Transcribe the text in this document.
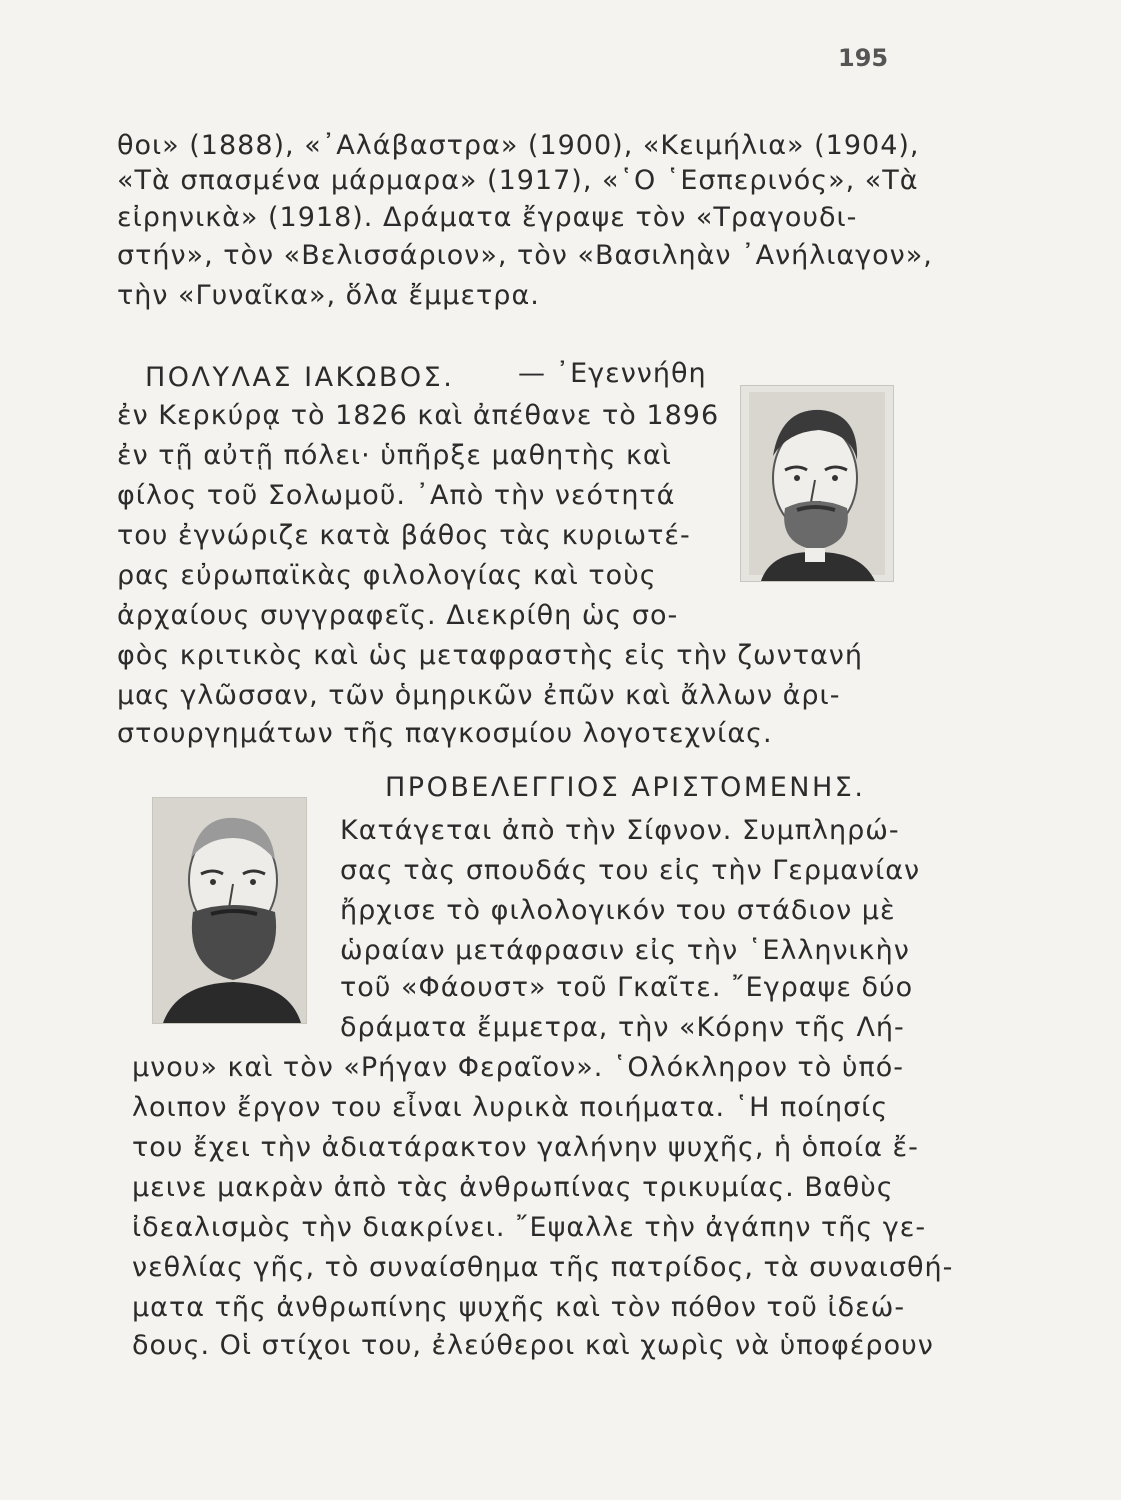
195
θοι» (1888), «᾿Αλάβαστρα» (1900), «Κειμήλια» (1904),
«Τὰ σπασμένα μάρμαρα» (1917), «῾Ο ῾Εσπερινός», «Τὰ
εἰρηνικὰ» (1918). Δράματα ἔγραψε τὸν «Τραγουδι-
στήν», τὸν «Βελισσάριον», τὸν «Βασιληὰν ᾿Ανήλιαγον»,
τὴν «Γυναῖκα», ὅλα ἔμμετρα.
ΠΟΛΥΛΑΣ ΙΑΚΩΒΟΣ. — ᾿Εγεννήθη
ἐν Κερκύρᾳ τὸ 1826 καὶ ἀπέθανε τὸ 1896
ἐν τῇ αὐτῇ πόλει· ὑπῆρξε μαθητὴς καὶ
φίλος τοῦ Σολωμοῦ. ᾿Απὸ τὴν νεότητά
του ἐγνώριζε κατὰ βάθος τὰς κυριωτέ-
ρας εὐρωπαϊκὰς φιλολογίας καὶ τοὺς
ἀρχαίους συγγραφεῖς. Διεκρίθη ὡς σο-
φὸς κριτικὸς καὶ ὡς μεταφραστὴς εἰς τὴν ζωντανή
μας γλῶσσαν, τῶν ὁμηρικῶν ἐπῶν καὶ ἄλλων ἀρι-
στουργημάτων τῆς παγκοσμίου λογοτεχνίας.
ΠΡΟΒΕΛΕΓΓΙΟΣ ΑΡΙΣΤΟΜΕΝΗΣ.
Κατάγεται ἀπὸ τὴν Σίφνον. Συμπληρώ-
σας τὰς σπουδάς του εἰς τὴν Γερμανίαν
ἤρχισε τὸ φιλολογικόν του στάδιον μὲ
ὡραίαν μετάφρασιν εἰς τὴν ῾Ελληνικὴν
τοῦ «Φάουστ» τοῦ Γκαῖτε. ῎Εγραψε δύο
δράματα ἔμμετρα, τὴν «Κόρην τῆς Λή-
μνου» καὶ τὸν «Ρήγαν Φεραῖον». ῾Ολόκληρον τὸ ὑπό-
λοιπον ἔργον του εἶναι λυρικὰ ποιήματα. ῾Η ποίησίς
του ἔχει τὴν ἀδιατάρακτον γαλήνην ψυχῆς, ἡ ὁποία ἔ-
μεινε μακρὰν ἀπὸ τὰς ἀνθρωπίνας τρικυμίας. Βαθὺς
ἰδεαλισμὸς τὴν διακρίνει. ῎Εψαλλε τὴν ἀγάπην τῆς γε-
νεθλίας γῆς, τὸ συναίσθημα τῆς πατρίδος, τὰ συναισθή-
ματα τῆς ἀνθρωπίνης ψυχῆς καὶ τὸν πόθον τοῦ ἰδεώ-
δους. Οἱ στίχοι του, ἐλεύθεροι καὶ χωρὶς νὰ ὑποφέρουν
